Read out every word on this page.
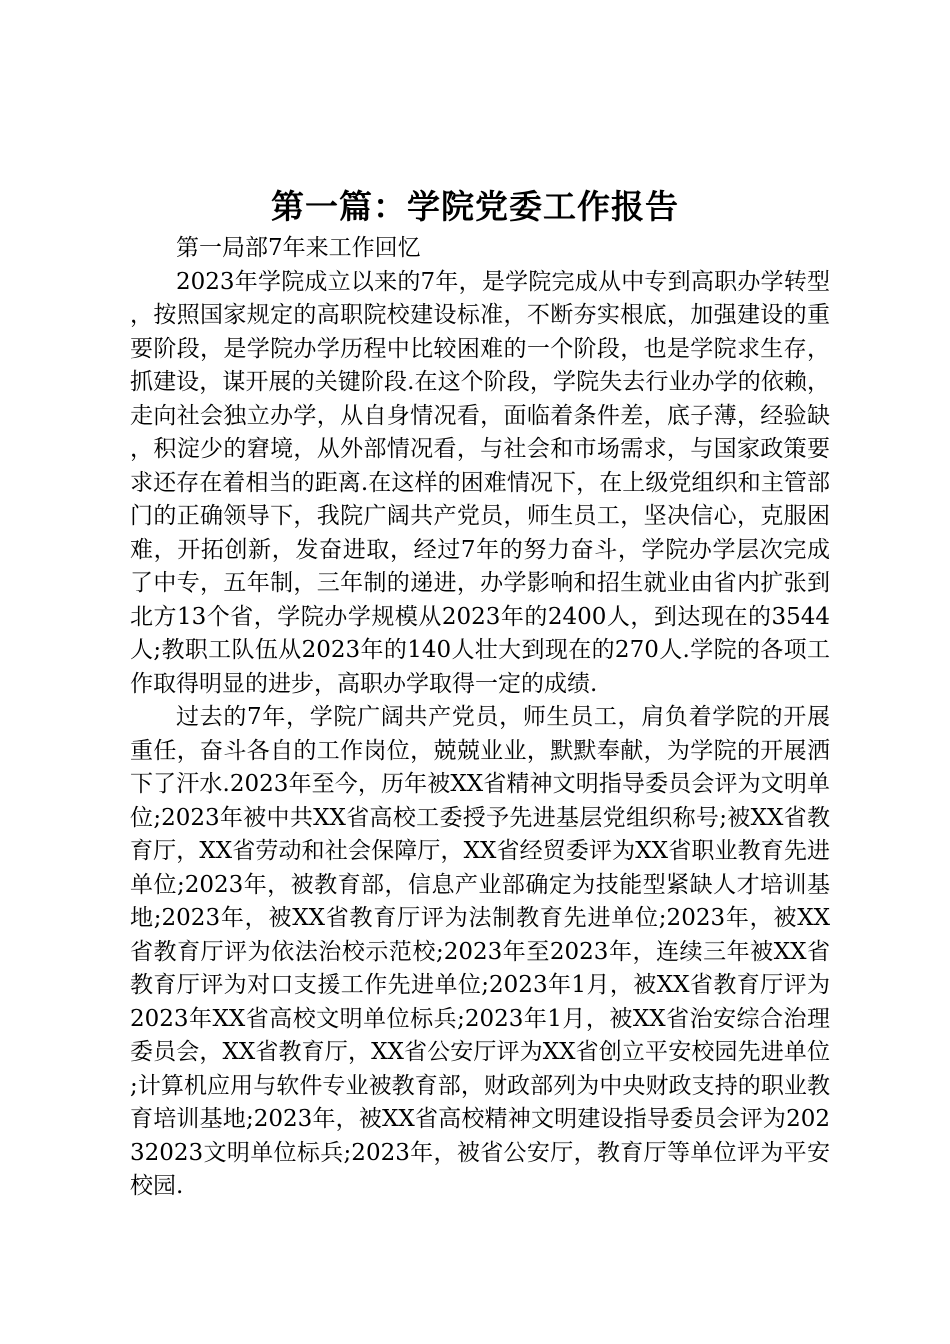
第一篇：学院党委工作报告

第一局部7年来工作回忆

2023年学院成立以来的7年，是学院完成从中专到高职办学转型，按照国家规定的高职院校建设标准，不断夯实根底，加强建设的重要阶段，是学院办学历程中比较困难的一个阶段，也是学院求生存，抓建设，谋开展的关键阶段.在这个阶段，学院失去行业办学的依赖，走向社会独立办学，从自身情况看，面临着条件差，底子薄，经验缺，积淀少的窘境，从外部情况看，与社会和市场需求，与国家政策要求还存在着相当的距离.在这样的困难情况下，在上级党组织和主管部门的正确领导下，我院广阔共产党员，师生员工，坚决信心，克服困难，开拓创新，发奋进取，经过7年的努力奋斗，学院办学层次完成了中专，五年制，三年制的递进，办学影响和招生就业由省内扩张到北方13个省，学院办学规模从2023年的2400人，到达现在的3544人;教职工队伍从2023年的140人壮大到现在的270人.学院的各项工作取得明显的进步，高职办学取得一定的成绩.

过去的7年，学院广阔共产党员，师生员工，肩负着学院的开展重任，奋斗各自的工作岗位，兢兢业业，默默奉献，为学院的开展洒下了汗水.2023年至今，历年被XX省精神文明指导委员会评为文明单位;2023年被中共XX省高校工委授予先进基层党组织称号;被XX省教育厅，XX省劳动和社会保障厅，XX省经贸委评为XX省职业教育先进单位;2023年，被教育部，信息产业部确定为技能型紧缺人才培训基地;2023年，被XX省教育厅评为法制教育先进单位;2023年，被XX省教育厅评为依法治校示范校;2023年至2023年，连续三年被XX省教育厅评为对口支援工作先进单位;2023年1月，被XX省教育厅评为2023年XX省高校文明单位标兵;2023年1月，被XX省治安综合治理委员会，XX省教育厅，XX省公安厅评为XX省创立平安校园先进单位;计算机应用与软件专业被教育部，财政部列为中央财政支持的职业教育培训基地;2023年，被XX省高校精神文明建设指导委员会评为20232023文明单位标兵;2023年，被省公安厅，教育厅等单位评为平安校园.
